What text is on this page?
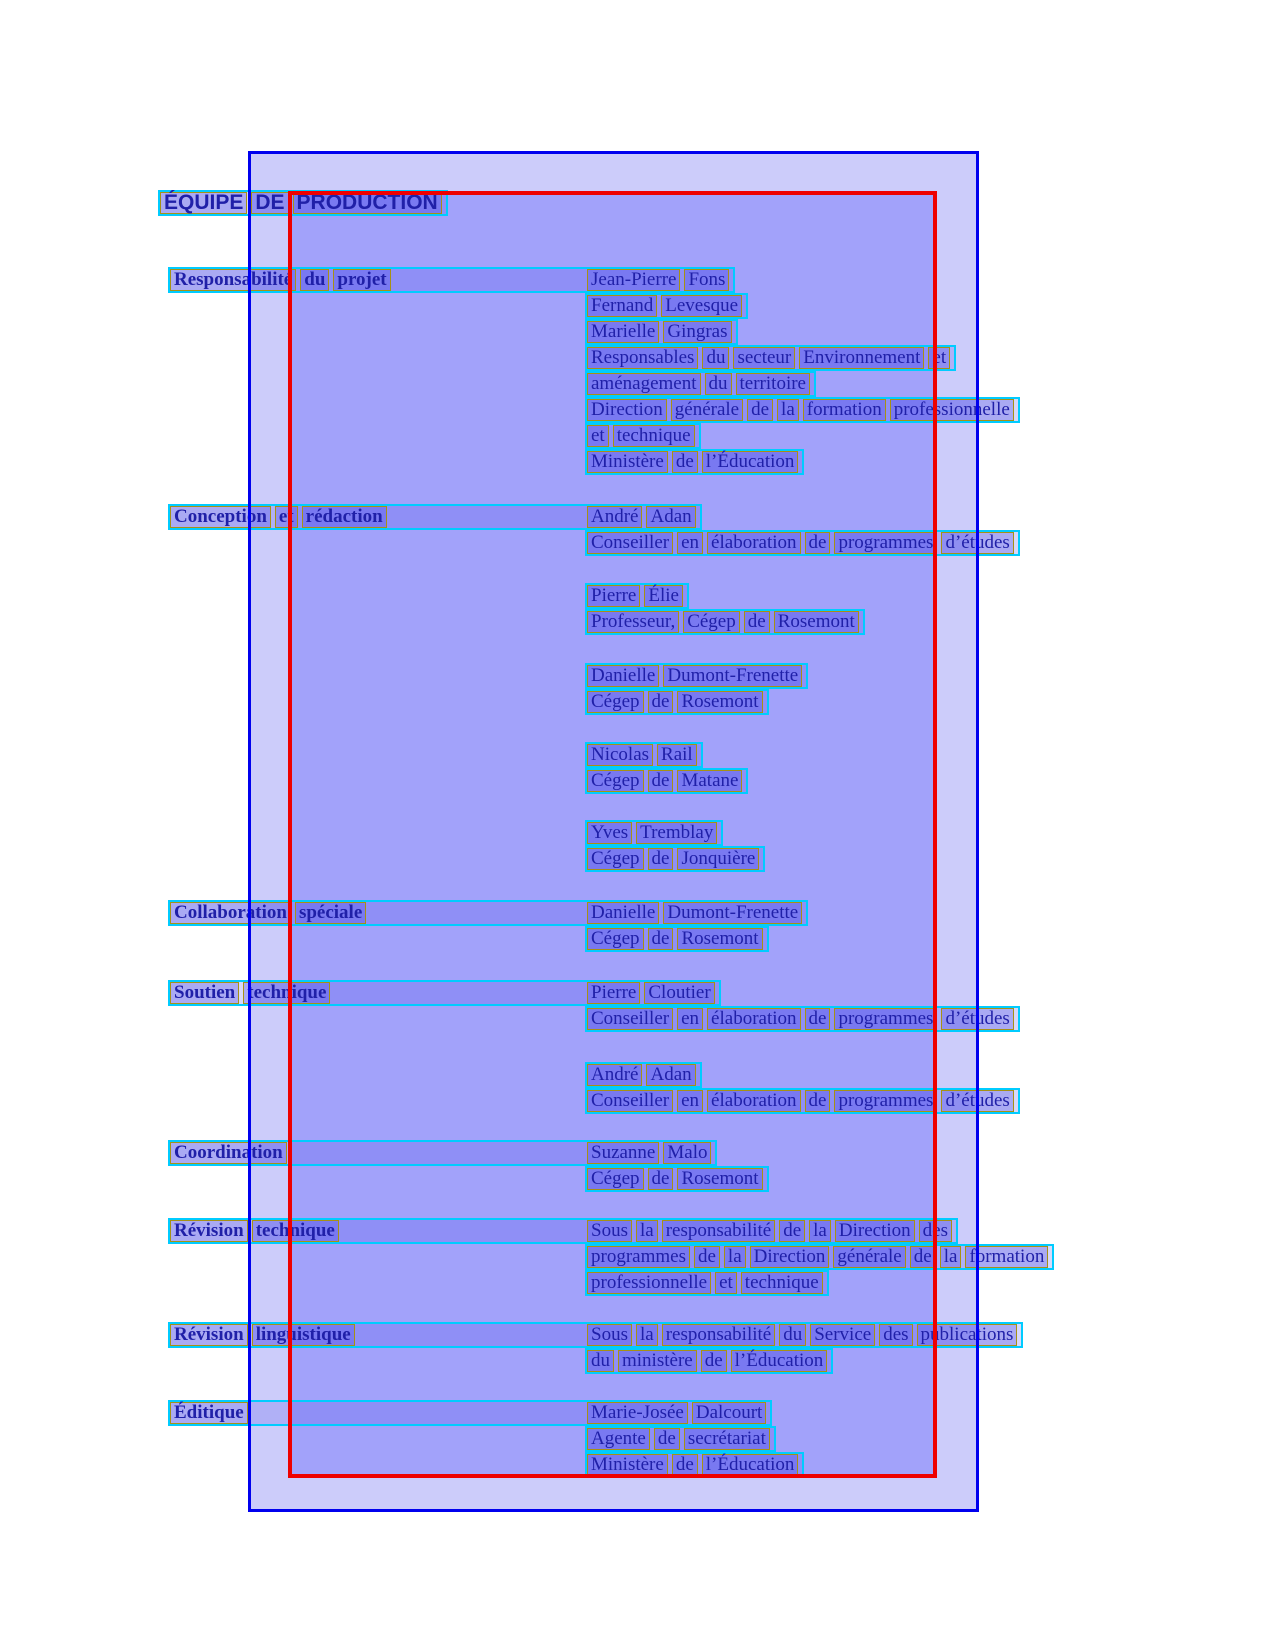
ÉQUIPE DE PRODUCTION
Responsabilité du projet	Jean-Pierre Fons
Fernand Levesque
Marielle Gingras
Responsables du secteur Environnement et
aménagement du territoire
Direction générale de la formation professionnelle
et technique
Ministère de l’Éducation
Conception et rédaction	André Adan
Conseiller en élaboration de programmes d’études
Pierre Élie
Professeur, Cégep de Rosemont
Danielle Dumont-Frenette
Cégep de Rosemont
Nicolas Rail
Cégep de Matane
Yves Tremblay
Cégep de Jonquière
Collaboration spéciale	Danielle Dumont-Frenette
Cégep de Rosemont
Soutien technique	Pierre Cloutier
Conseiller en élaboration de programmes d’études
André Adan
Conseiller en élaboration de programmes d’études
Coordination	Suzanne Malo
Cégep de Rosemont
Révision technique	Sous la responsabilité de la Direction des
programmes de la Direction générale de la formation
professionnelle et technique
Révision linguistique	Sous la responsabilité du Service des publications
du ministère de l’Éducation
Éditique	Marie-Josée Dalcourt
Agente de secrétariat
Ministère de l’Éducation
